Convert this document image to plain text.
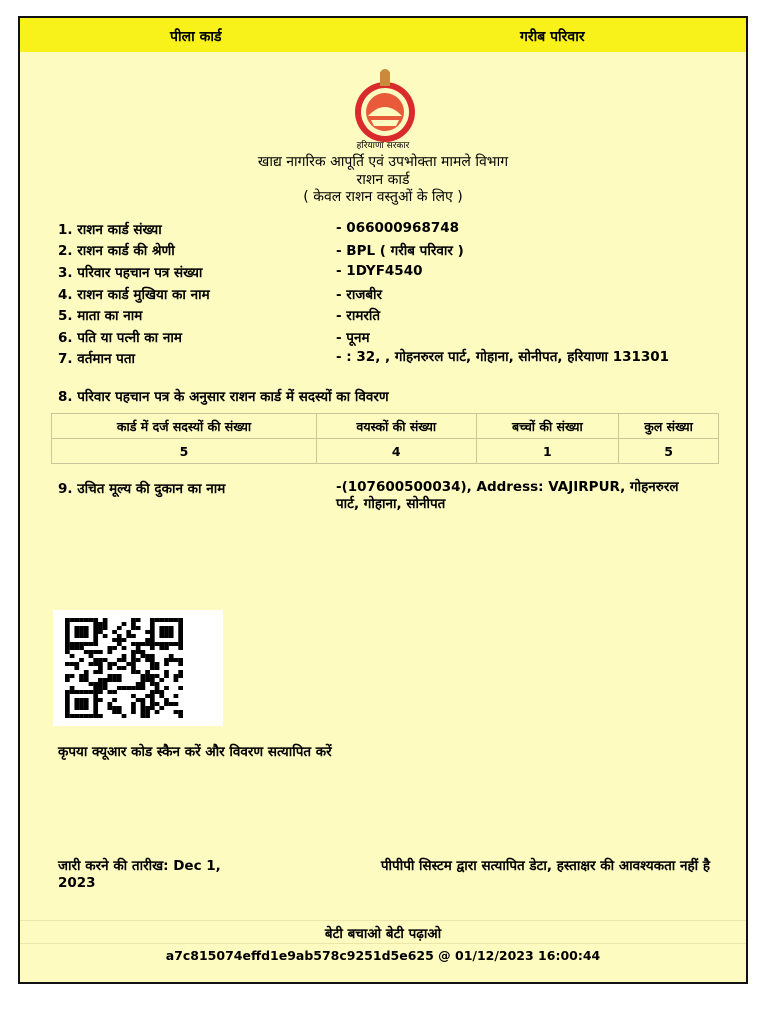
पीला कार्ड	गरीब परिवार
हरियाणा सरकार
खाद्य नागरिक आपूर्ति एवं उपभोक्ता मामले विभाग
राशन कार्ड
( केवल राशन वस्तुओं के लिए )
1. राशन कार्ड संख्या	- 066000968748
2. राशन कार्ड की श्रेणी	- BPL ( गरीब परिवार )
3. परिवार पहचान पत्र संख्या	- 1DYF4540
4. राशन कार्ड मुखिया का नाम	- राजबीर
5. माता का नाम	- रामरति
6. पति या पत्नी का नाम	- पूनम
7. वर्तमान पता	- : 32, , गोहनरुरल पार्ट, गोहाना, सोनीपत, हरियाणा 131301
8. परिवार पहचान पत्र के अनुसार राशन कार्ड में सदस्यों का विवरण
कार्ड में दर्ज सदस्यों की संख्या	वयस्कों की संख्या	बच्चों की संख्या	कुल संख्या
5	4	1	5
9. उचित मूल्य की दुकान का नाम	-(107600500034), Address: VAJIRPUR, गोहनरुरल पार्ट, गोहाना, सोनीपत
कृपया क्यूआर कोड स्कैन करें और विवरण सत्यापित करें
जारी करने की तारीख: Dec 1, 2023
पीपीपी सिस्टम द्वारा सत्यापित डेटा, हस्ताक्षर की आवश्यकता नहीं है
बेटी बचाओ बेटी पढ़ाओ
a7c815074effd1e9ab578c9251d5e625 @ 01/12/2023 16:00:44
